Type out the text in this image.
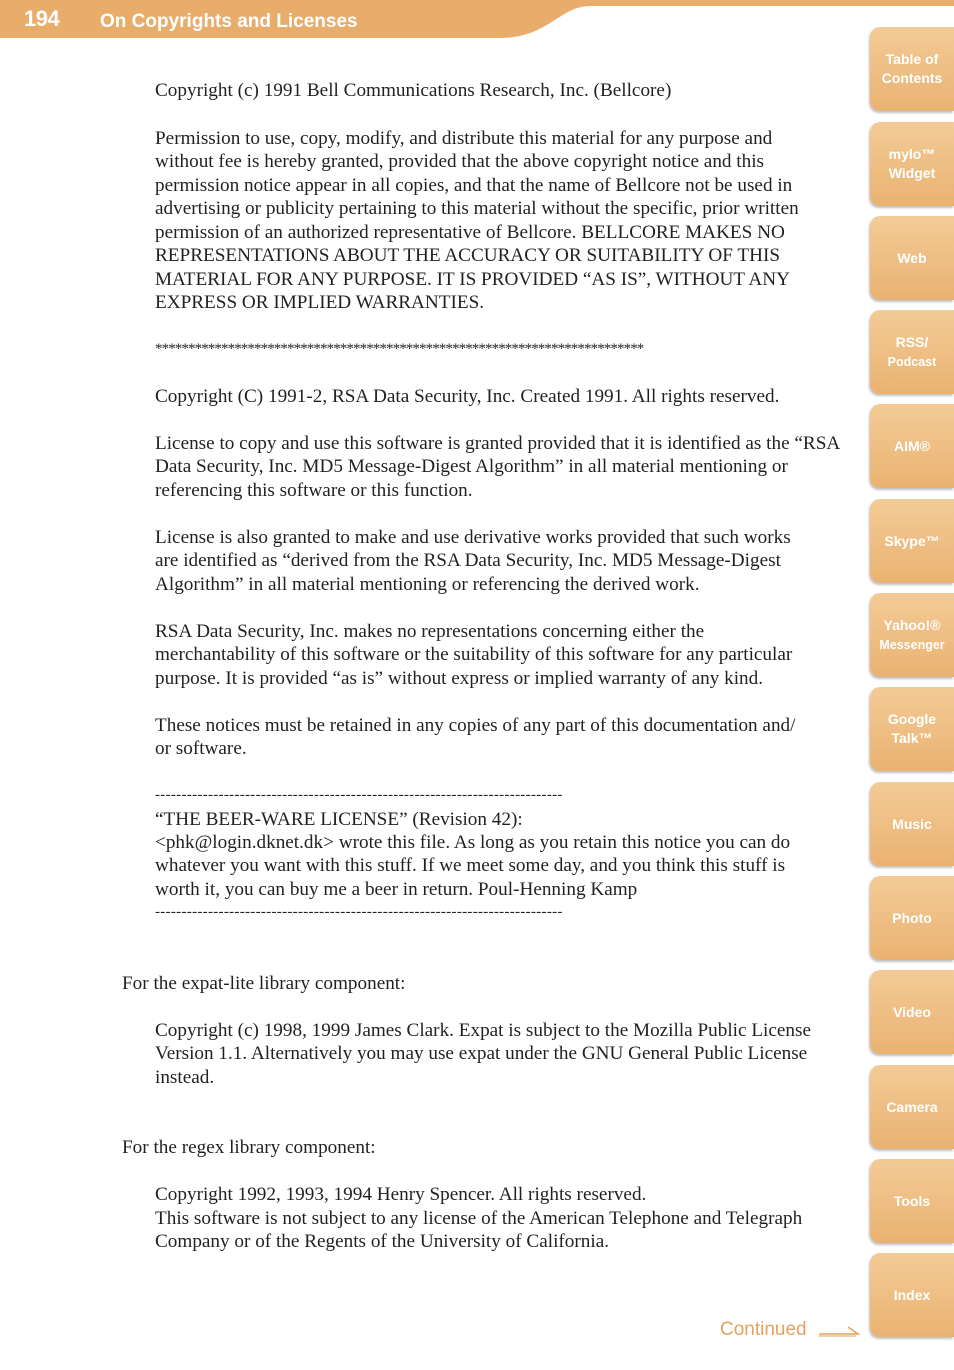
194 On Copyrights and Licenses

Copyright (c) 1991 Bell Communications Research, Inc. (Bellcore)

Permission to use, copy, modify, and distribute this material for any purpose and

without fee is hereby granted, provided that the above copyright notice and this

permission notice appear in all copies, and that the name of Bellcore not be used in

advertising or publicity pertaining to this material without the specific, prior written

permission of an authorized representative of Bellcore. BELLCORE MAKES NO

REPRESENTATIONS ABOUT THE ACCURACY OR SUITABILITY OF THIS

MATERIAL FOR ANY PURPOSE. IT IS PROVIDED “AS IS”, WITHOUT ANY

EXPRESS OR IMPLIED WARRANTIES.

**************************************************************************

Copyright (C) 1991-2, RSA Data Security, Inc. Created 1991. All rights reserved.

License to copy and use this software is granted provided that it is identified as the “RSA

Data Security, Inc. MD5 Message-Digest Algorithm” in all material mentioning or

referencing this software or this function.

License is also granted to make and use derivative works provided that such works

are identified as “derived from the RSA Data Security, Inc. MD5 Message-Digest

Algorithm” in all material mentioning or referencing the derived work.

RSA Data Security, Inc. makes no representations concerning either the

merchantability of this software or the suitability of this software for any particular

purpose. It is provided “as is” without express or implied warranty of any kind.

These notices must be retained in any copies of any part of this documentation and/

or software.

-----------------------------------------------------------------------------

“THE BEER-WARE LICENSE” (Revision 42):

<phk@login.dknet.dk> wrote this file. As long as you retain this notice you can do

whatever you want with this stuff. If we meet some day, and you think this stuff is

worth it, you can buy me a beer in return. Poul-Henning Kamp

-----------------------------------------------------------------------------

For the expat-lite library component:

Copyright (c) 1998, 1999 James Clark. Expat is subject to the Mozilla Public License

Version 1.1. Alternatively you may use expat under the GNU General Public License

instead.

For the regex library component:

Copyright 1992, 1993, 1994 Henry Spencer. All rights reserved.

This software is not subject to any license of the American Telephone and Telegraph

Company or of the Regents of the University of California.

Table of
Contents
mylo™
Widget
Web
RSS/
Podcast
AIM®
Skype™
Yahoo!®
Messenger
Google
Talk™
Music
Photo
Video
Camera
Tools
Index
Continued
